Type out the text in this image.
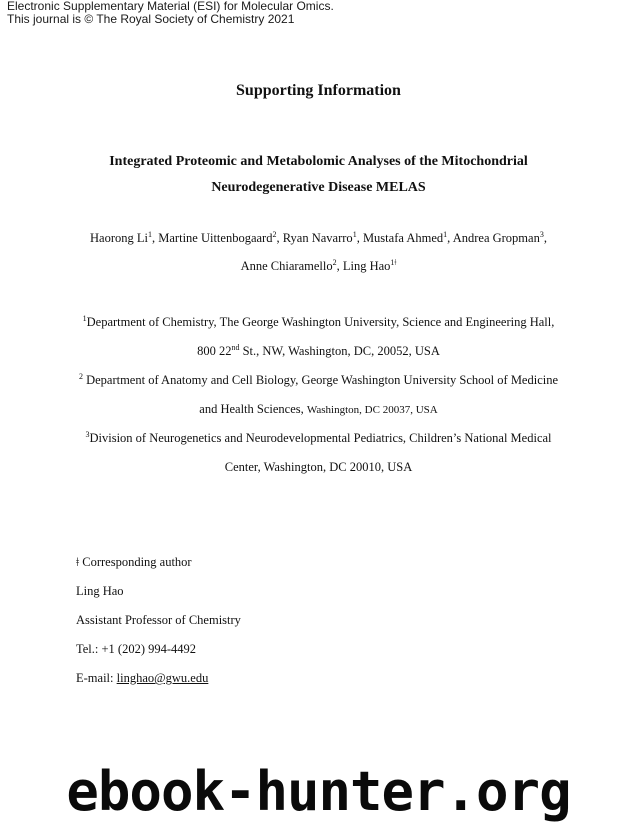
Electronic Supplementary Material (ESI) for Molecular Omics.
This journal is © The Royal Society of Chemistry 2021
Supporting Information
Integrated Proteomic and Metabolomic Analyses of the Mitochondrial
Neurodegenerative Disease MELAS
Haorong Li$^1$, Martine Uittenbogaard$^2$, Ryan Navarro$^1$, Mustafa Ahmed$^1$, Andrea Gropman$^3$,
Anne Chiaramello$^2$, Ling Hao$^{1ǂ}$
$^1$Department of Chemistry, The George Washington University, Science and Engineering Hall,
800 22nd St., NW, Washington, DC, 20052, USA
$^2$ Department of Anatomy and Cell Biology, George Washington University School of Medicine
and Health Sciences, Washington, DC 20037, USA
$^3$Division of Neurogenetics and Neurodevelopmental Pediatrics, Children’s National Medical
Center, Washington, DC 20010, USA
ǂ Corresponding author
Ling Hao
Assistant Professor of Chemistry
Tel.: +1 (202) 994-4492
E-mail: linghao@gwu.edu
ebook-hunter.org
